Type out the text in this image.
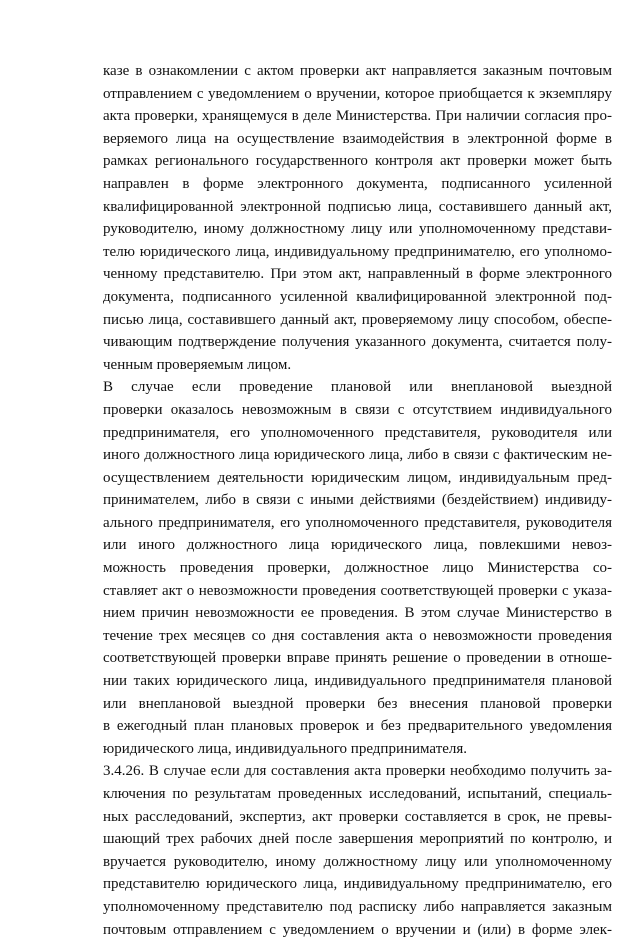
казе в ознакомлении с актом проверки акт направляется заказным почтовым
отправлением с уведомлением о вручении, которое приобщается к экземпляру
акта проверки, хранящемуся в деле Министерства. При наличии согласия про-
веряемого лица на осуществление взаимодействия в электронной форме в
рамках регионального государственного контроля акт проверки может быть
направлен в форме электронного документа, подписанного усиленной
квалифицированной электронной подписью лица, составившего данный акт,
руководителю, иному должностному лицу или уполномоченному представи-
телю юридического лица, индивидуальному предпринимателю, его уполномо-
ченному представителю. При этом акт, направленный в форме электронного
документа, подписанного усиленной квалифицированной электронной под-
писью лица, составившего данный акт, проверяемому лицу способом, обеспе-
чивающим подтверждение получения указанного документа, считается полу-
ченным проверяемым лицом.
В случае если проведение плановой или внеплановой выездной
проверки оказалось невозможным в связи с отсутствием индивидуального
предпринимателя, его уполномоченного представителя, руководителя или
иного должностного лица юридического лица, либо в связи с фактическим не-
осуществлением деятельности юридическим лицом, индивидуальным пред-
принимателем, либо в связи с иными действиями (бездействием) индивиду-
ального предпринимателя, его уполномоченного представителя, руководителя
или иного должностного лица юридического лица, повлекшими невоз-
можность проведения проверки, должностное лицо Министерства со-
ставляет акт о невозможности проведения соответствующей проверки с указа-
нием причин невозможности ее проведения. В этом случае Министерство в
течение трех месяцев со дня составления акта о невозможности проведения
соответствующей проверки вправе принять решение о проведении в отноше-
нии таких юридического лица, индивидуального предпринимателя плановой
или внеплановой выездной проверки без внесения плановой проверки
в ежегодный план плановых проверок и без предварительного уведомления
юридического лица, индивидуального предпринимателя.
3.4.26. В случае если для составления акта проверки необходимо получить за-
ключения по результатам проведенных исследований, испытаний, специаль-
ных расследований, экспертиз, акт проверки составляется в срок, не превы-
шающий трех рабочих дней после завершения мероприятий по контролю, и
вручается руководителю, иному должностному лицу или уполномоченному
представителю юридического лица, индивидуальному предпринимателю, его
уполномоченному представителю под расписку либо направляется заказным
почтовым отправлением с уведомлением о вручении и (или) в форме элек-
